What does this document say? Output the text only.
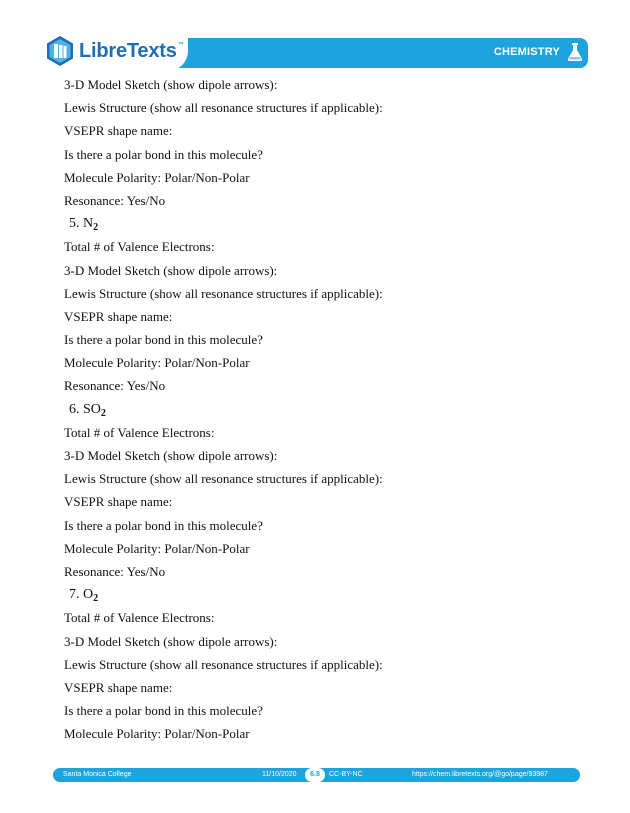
LibreTexts ™
CHEMISTRY
3-D Model Sketch (show dipole arrows):
Lewis Structure (show all resonance structures if applicable):
VSEPR shape name:
Is there a polar bond in this molecule?
Molecule Polarity: Polar/Non-Polar
Resonance: Yes/No
5. $N_2$
Total # of Valence Electrons:
3-D Model Sketch (show dipole arrows):
Lewis Structure (show all resonance structures if applicable):
VSEPR shape name:
Is there a polar bond in this molecule?
Molecule Polarity: Polar/Non-Polar
Resonance: Yes/No
6. $SO_2$
Total # of Valence Electrons:
3-D Model Sketch (show dipole arrows):
Lewis Structure (show all resonance structures if applicable):
VSEPR shape name:
Is there a polar bond in this molecule?
Molecule Polarity: Polar/Non-Polar
Resonance: Yes/No
7. $O_2$
Total # of Valence Electrons:
3-D Model Sketch (show dipole arrows):
Lewis Structure (show all resonance structures if applicable):
VSEPR shape name:
Is there a polar bond in this molecule?
Molecule Polarity: Polar/Non-Polar
Santa Monica College	11/10/2020	6.8	CC-BY-NC	https://chem.libretexts.org/@go/page/93987
